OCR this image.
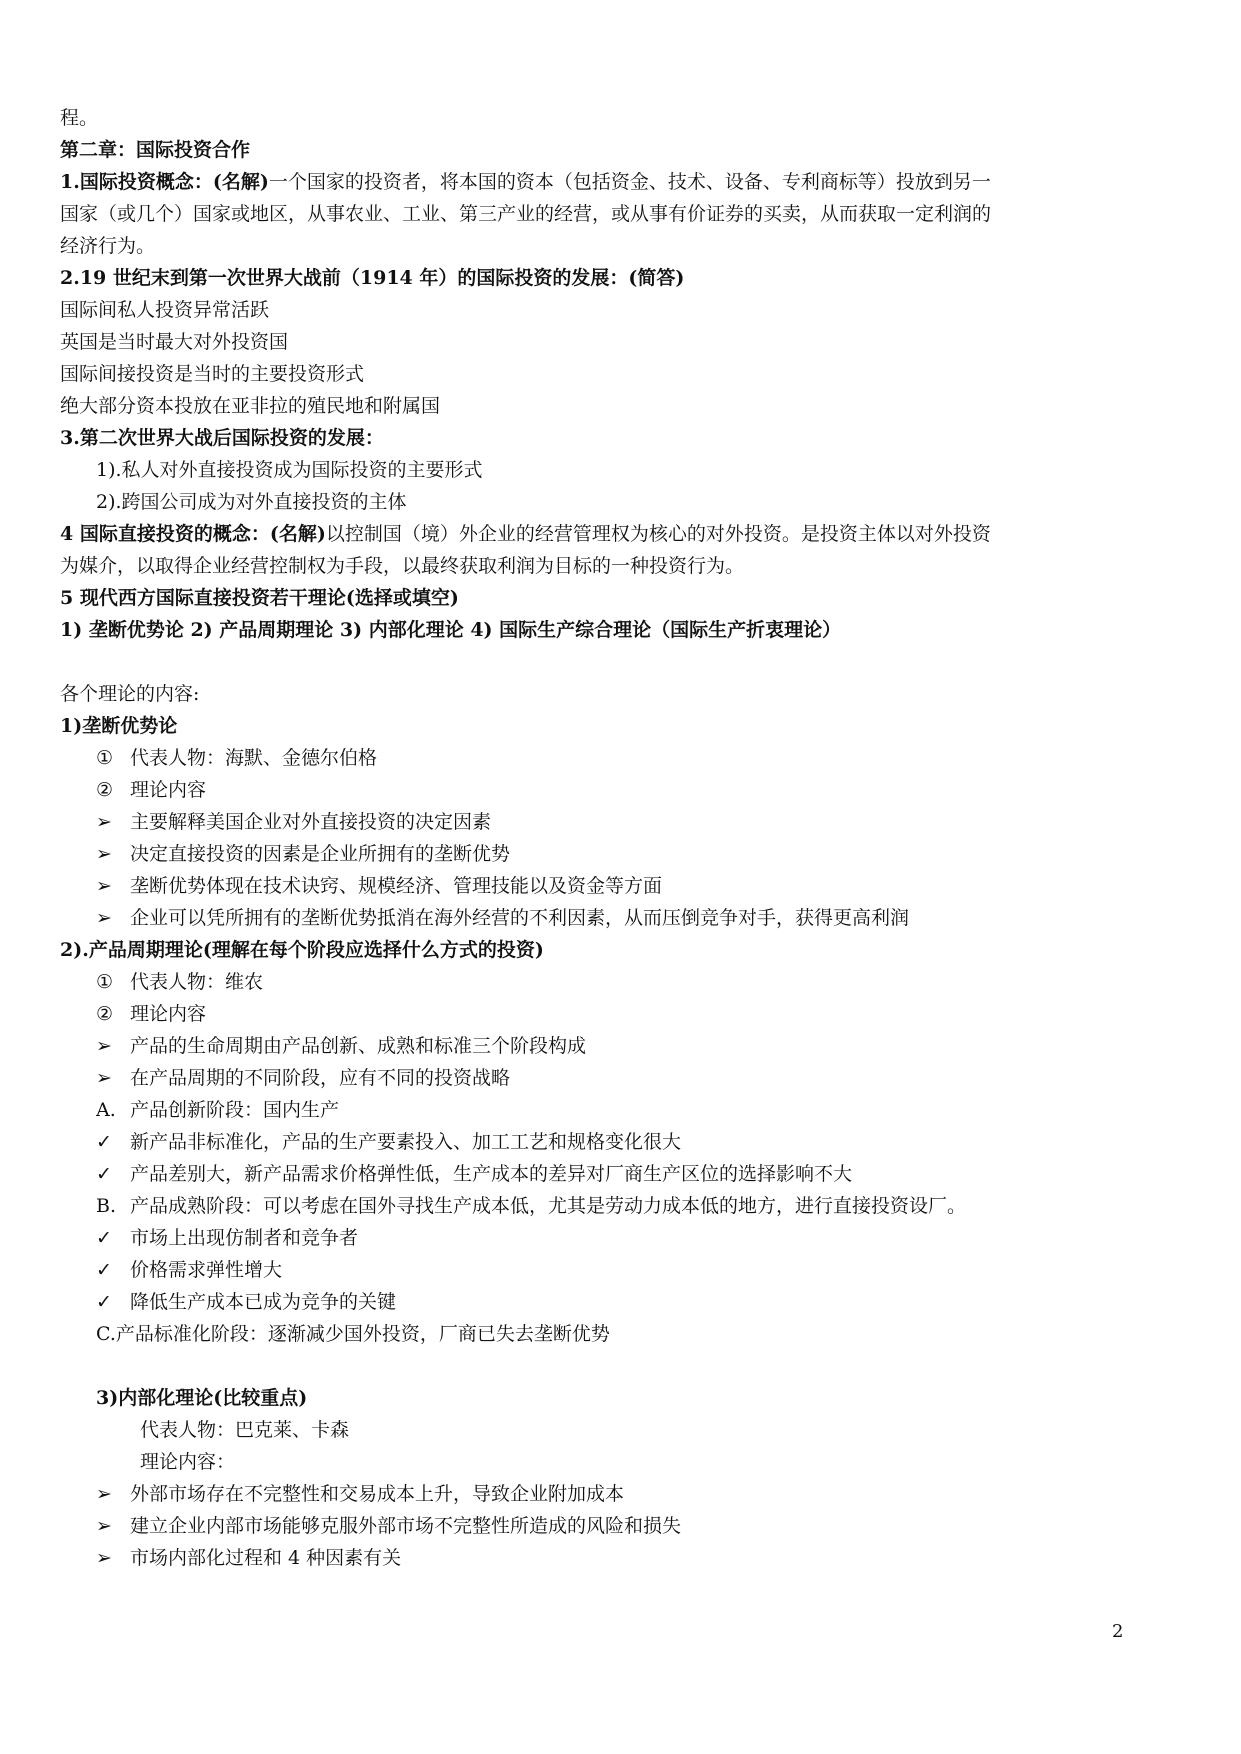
程。
第二章：国际投资合作
1.国际投资概念：(名解)一个国家的投资者，将本国的资本（包括资金、技术、设备、专利商标等）投放到另一
国家（或几个）国家或地区，从事农业、工业、第三产业的经营，或从事有价证券的买卖，从而获取一定利润的
经济行为。
2.19 世纪末到第一次世界大战前（1914 年）的国际投资的发展：(简答)
国际间私人投资异常活跃
英国是当时最大对外投资国
国际间接投资是当时的主要投资形式
绝大部分资本投放在亚非拉的殖民地和附属国
3.第二次世界大战后国际投资的发展：
1).私人对外直接投资成为国际投资的主要形式
2).跨国公司成为对外直接投资的主体
4 国际直接投资的概念：(名解)以控制国（境）外企业的经营管理权为核心的对外投资。是投资主体以对外投资
为媒介，以取得企业经营控制权为手段，以最终获取利润为目标的一种投资行为。
5 现代西方国际直接投资若干理论(选择或填空)
1) 垄断优势论 2) 产品周期理论 3) 内部化理论 4) 国际生产综合理论（国际生产折衷理论）
各个理论的内容:
1)垄断优势论
① 代表人物：海默、金德尔伯格
② 理论内容
➢ 主要解释美国企业对外直接投资的决定因素
➢ 决定直接投资的因素是企业所拥有的垄断优势
➢ 垄断优势体现在技术诀窍、规模经济、管理技能以及资金等方面
➢ 企业可以凭所拥有的垄断优势抵消在海外经营的不利因素，从而压倒竞争对手，获得更高利润
2).产品周期理论(理解在每个阶段应选择什么方式的投资)
① 代表人物：维农
② 理论内容
➢ 产品的生命周期由产品创新、成熟和标准三个阶段构成
➢ 在产品周期的不同阶段，应有不同的投资战略
A. 产品创新阶段：国内生产
✓ 新产品非标准化，产品的生产要素投入、加工工艺和规格变化很大
✓ 产品差别大，新产品需求价格弹性低，生产成本的差异对厂商生产区位的选择影响不大
B. 产品成熟阶段：可以考虑在国外寻找生产成本低，尤其是劳动力成本低的地方，进行直接投资设厂。
✓ 市场上出现仿制者和竞争者
✓ 价格需求弹性增大
✓ 降低生产成本已成为竞争的关键
C.产品标准化阶段：逐渐减少国外投资，厂商已失去垄断优势
3)内部化理论(比较重点)
代表人物：巴克莱、卡森
理论内容：
➢ 外部市场存在不完整性和交易成本上升，导致企业附加成本
➢ 建立企业内部市场能够克服外部市场不完整性所造成的风险和损失
➢ 市场内部化过程和 4 种因素有关
2
